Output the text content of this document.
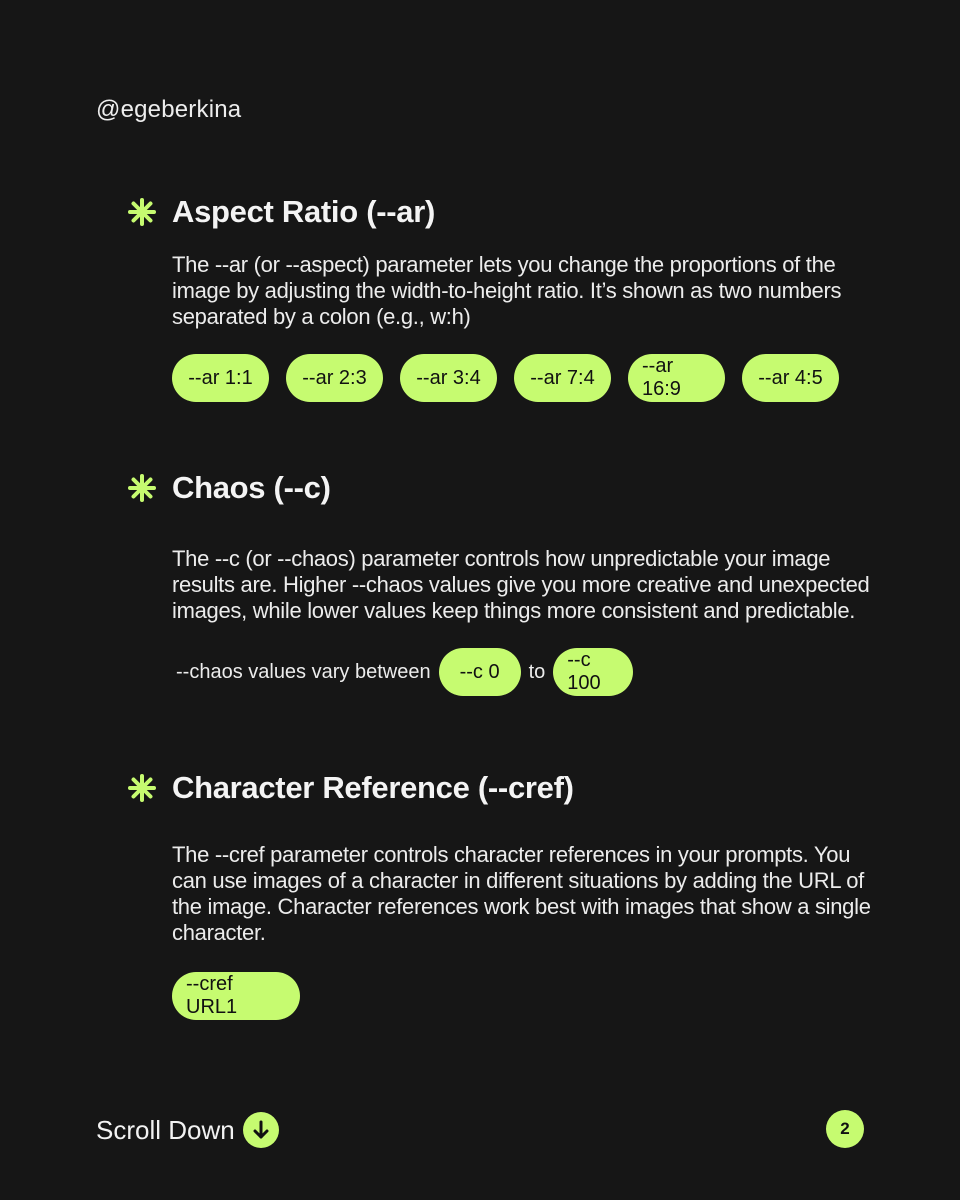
@egeberkina
Aspect Ratio (--ar)
The --ar (or --aspect) parameter lets you change the proportions of the image by adjusting the width-to-height ratio. It’s shown as two numbers separated by a colon (e.g., w:h)
--ar 1:1	--ar 2:3	--ar 3:4	--ar 7:4
--ar 16:9
--ar 4:5
Chaos (--c)
The --c (or --chaos) parameter controls how unpredictable your image results are. Higher --chaos values give you more creative and unexpected images, while lower values keep things more consistent and predictable.
--chaos values vary between	--c 0	to
--c 100
Character Reference (--cref)
The --cref parameter controls character references in your prompts. You can use images of a character in different situations by adding the URL of the image. Character references work best with images that show a single character.
--cref URL1
Scroll Down	2
